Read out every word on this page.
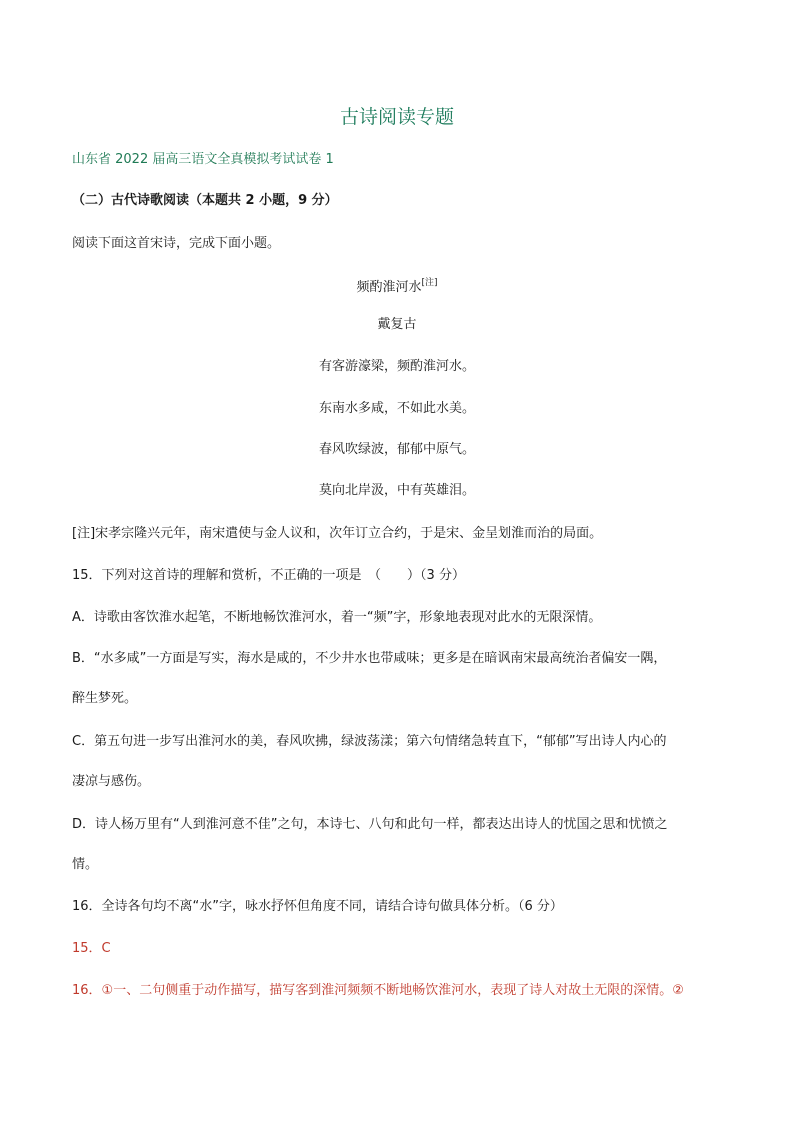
古诗阅读专题
山东省 2022 届高三语文全真模拟考试试卷 1
（二）古代诗歌阅读（本题共 2 小题，9 分）
阅读下面这首宋诗，完成下面小题。
频酌淮河水[注]
戴复古
有客游濠梁，频酌淮河水。
东南水多咸，不如此水美。
春风吹绿波，郁郁中原气。
莫向北岸汲，中有英雄泪。
[注]宋孝宗隆兴元年，南宋遣使与金人议和，次年订立合约，于是宋、金呈划淮而治的局面。
15．下列对这首诗的理解和赏析，不正确的一项是　（　　）（3 分）
A．诗歌由客饮淮水起笔，不断地畅饮淮河水，着一“频”字，形象地表现对此水的无限深情。
B．“水多咸”一方面是写实，海水是咸的，不少井水也带咸味；更多是在暗讽南宋最高统治者偏安一隅，
醉生梦死。
C．第五句进一步写出淮河水的美，春风吹拂，绿波荡漾；第六句情绪急转直下，“郁郁”写出诗人内心的
凄凉与感伤。
D．诗人杨万里有“人到淮河意不佳”之句，本诗七、八句和此句一样，都表达出诗人的忧国之思和忧愤之
情。
16．全诗各句均不离“水”字，咏水抒怀但角度不同，请结合诗句做具体分析。（6 分）
15．C
16．①一、二句侧重于动作描写，描写客到淮河频频不断地畅饮淮河水，表现了诗人对故土无限的深情。②
